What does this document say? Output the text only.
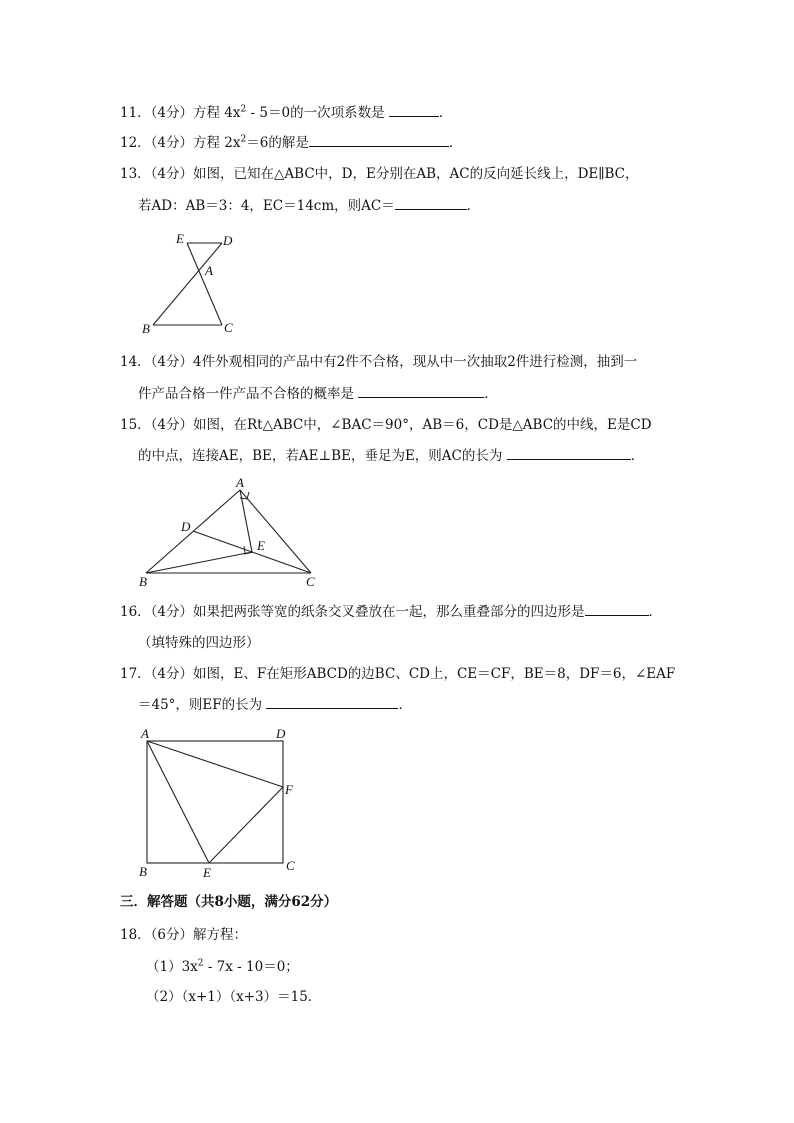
11．（4分）方程 $4x^2 - 5=0$的一次项系数是	．
12．（4分）方程 $2x^2=6$的解是	．
13．（4分）如图，已知在△ABC中，D，E分别在AB，AC的反向延长线上，DE∥BC，
若AD：AB＝3：4，EC＝14cm，则AC＝	．
E	D
A
B	C
14．（4分）4件外观相同的产品中有2件不合格，现从中一次抽取2件进行检测，抽到一
件产品合格一件产品不合格的概率是	．
15．（4分）如图，在Rt△ABC中，∠BAC＝90°，AB＝6，CD是△ABC的中线，E是CD
的中点，连接AE，BE，若AE⊥BE，垂足为E，则AC的长为	．
A
D
E
B	C
16．（4分）如果把两张等宽的纸条交叉叠放在一起，那么重叠部分的四边形是	．
（填特殊的四边形）
17．（4分）如图，E、F在矩形ABCD的边BC、CD上，CE＝CF，BE＝8，DF＝6，∠EAF
＝45°，则EF的长为	．
A	D
F
B	E	C
三．解答题（共8小题，满分62分）
18．（6分）解方程：
$(1)3x^2 - 7x - 10=0$；
（2）（x+1）（x+3）＝15．
